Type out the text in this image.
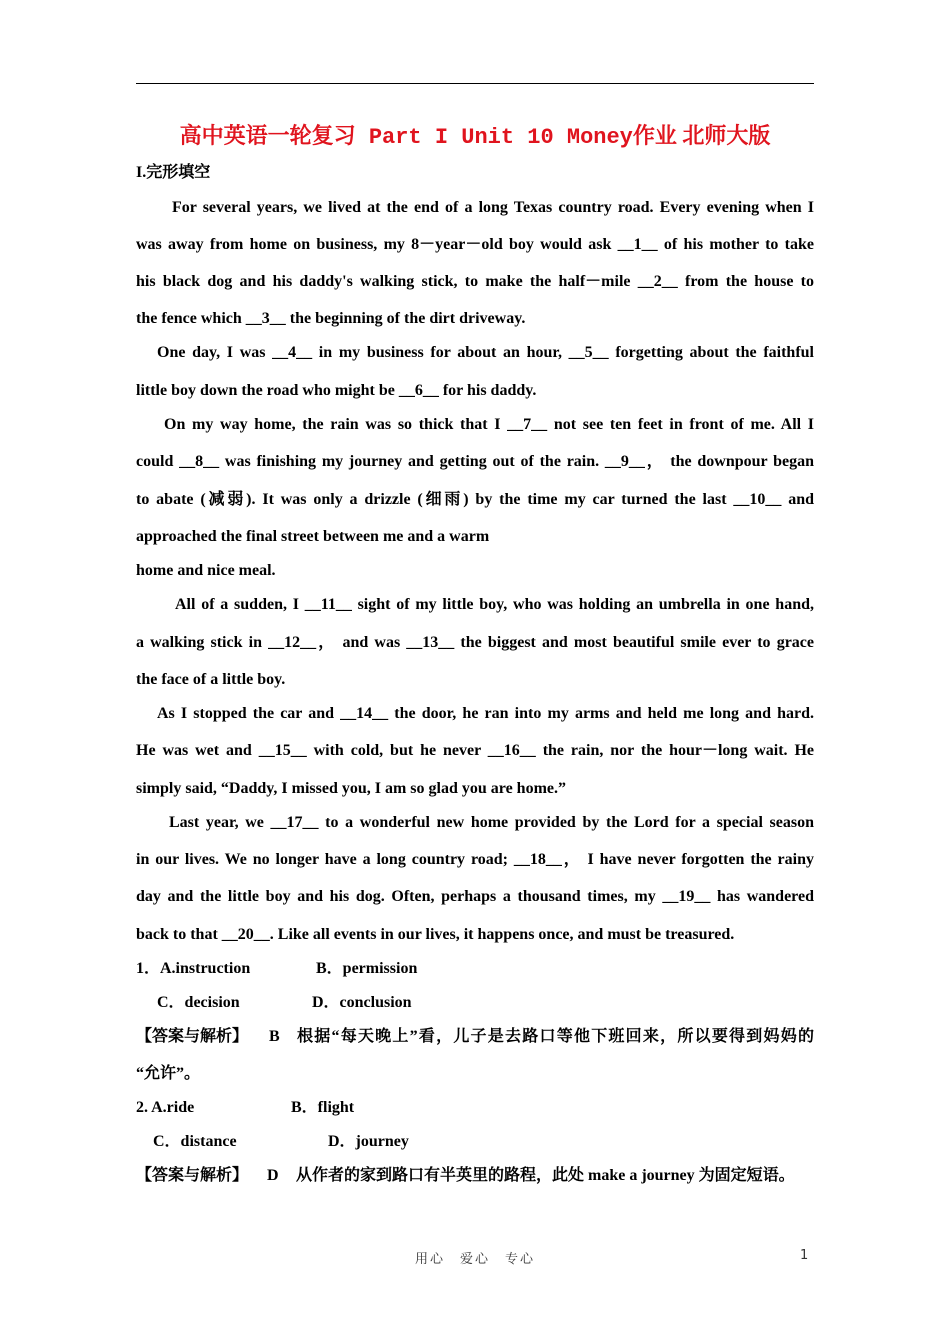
高中英语一轮复习 Part I Unit 10 Money作业 北师大版
I.完形填空
For several years, we lived at the end of a long Texas country road. Every evening when I
was away from home on business, my 8－year－old boy would ask __1__ of his mother to take
his black dog and his daddy's walking stick, to make the half－mile __2__ from the house to
the fence which __3__ the beginning of the dirt driveway.
One day, I was __4__ in my business for about an hour, __5__ forgetting about the faithful
little boy down the road who might be __6__ for his daddy.
On my way home, the rain was so thick that I __7__ not see ten feet in front of me. All I
could __8__ was finishing my journey and getting out of the rain. __9__， the downpour began
to abate (减弱). It was only a drizzle (细雨) by the time my car turned the last __10__ and
approached the final street between me and a warm
home and nice meal.
All of a sudden, I __11__ sight of my little boy, who was holding an umbrella in one hand,
a walking stick in __12__， and was __13__ the biggest and most beautiful smile ever to grace
the face of a little boy.
As I stopped the car and __14__ the door, he ran into my arms and held me long and hard.
He was wet and __15__ with cold, but he never __16__ the rain, nor the hour－long wait. He
simply said, “Daddy, I missed you, I am so glad you are home.”
Last year, we __17__ to a wonderful new home provided by the Lord for a special season
in our lives. We no longer have a long country road; __18__， I have never forgotten the rainy
day and the little boy and his dog. Often, perhaps a thousand times, my __19__ has wandered
back to that __20__. Like all events in our lives, it happens once, and must be treasured.
1．A.instruction	B．permission
C．decision	D．conclusion
【答案与解析】	B	根据“每天晚上”看，儿子是去路口等他下班回来，所以要得到妈妈的
“允许”。
2. A.ride	B．flight
C．distance	D．journey
【答案与解析】	D	从作者的家到路口有半英里的路程，此处 make a journey 为固定短语。
用心　爱心　专心	1
